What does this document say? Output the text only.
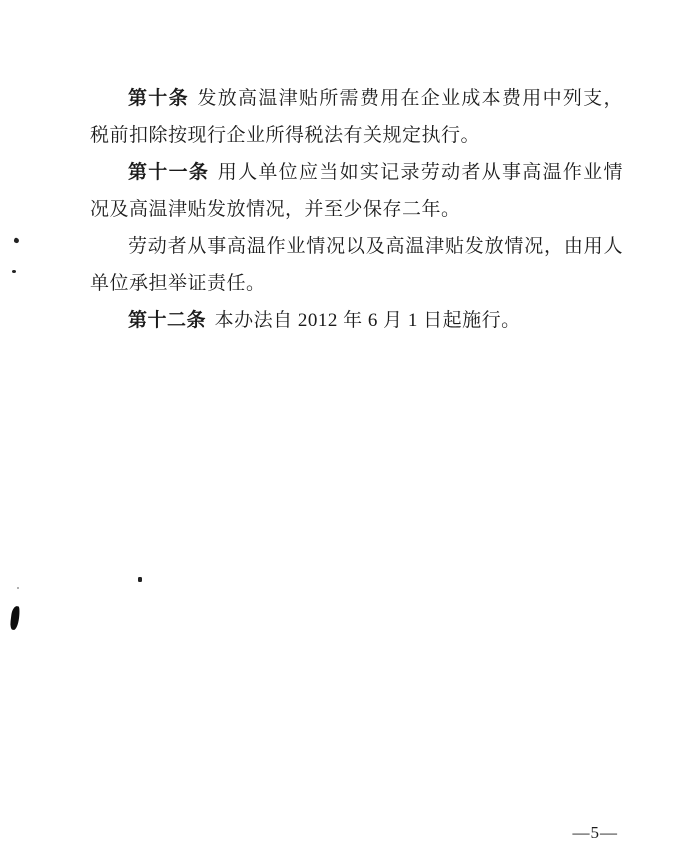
第十条 发放高温津贴所需费用在企业成本费用中列支，税前扣除按现行企业所得税法有关规定执行。

第十一条 用人单位应当如实记录劳动者从事高温作业情况及高温津贴发放情况，并至少保存二年。

劳动者从事高温作业情况以及高温津贴发放情况，由用人单位承担举证责任。

第十二条 本办法自 2012 年 6 月 1 日起施行。

—5—
